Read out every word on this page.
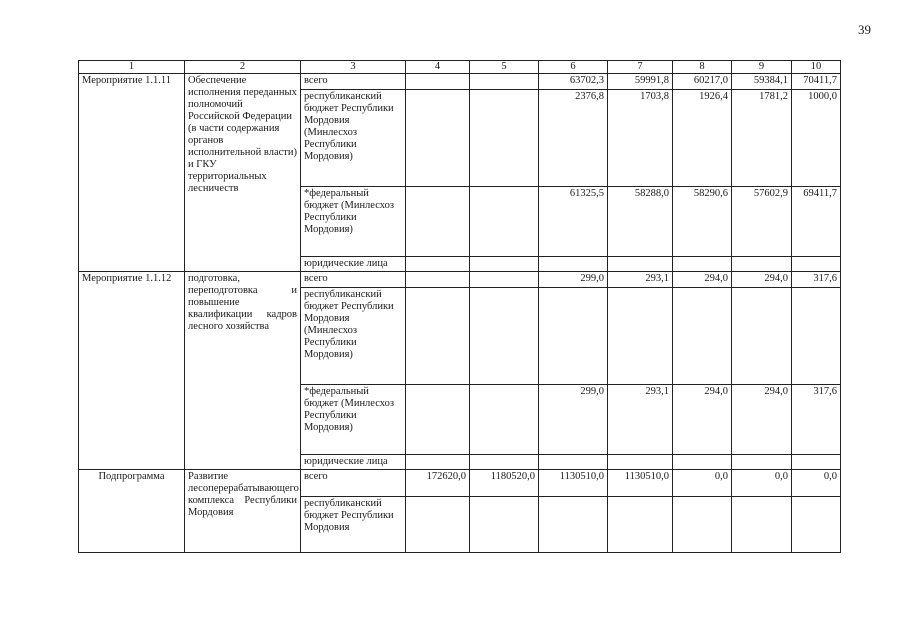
39
1	2	3	4	5	6	7	8	9	10
Мероприятие 1.1.11	Обеспечение исполнения переданных полномочий Российской Федерации (в части содержания органов исполнительной власти) и ГКУ территориальных лесничеств	всего			63702,3	59991,8	60217,0	59384,1	70411,7
		республиканский бюджет Республики Мордовия (Минлесхоз Республики Мордовия)			2376,8	1703,8	1926,4	1781,2	1000,0
		*федеральный бюджет (Минлесхоз Республики Мордовия)			61325,5	58288,0	58290,6	57602,9	69411,7
		юридические лица							
Мероприятие 1.1.12	подготовка, переподготовка и повышение квалификации кадров лесного хозяйства	всего			299,0	293,1	294,0	294,0	317,6
		республиканский бюджет Республики Мордовия (Минлесхоз Республики Мордовия)							
		*федеральный бюджет (Минлесхоз Республики Мордовия)			299,0	293,1	294,0	294,0	317,6
		юридические лица							
Подпрограмма	Развитие лесоперерабатывающего комплекса Республики Мордовия	всего	172620,0	1180520,0	1130510,0	1130510,0	0,0	0,0	0,0
		республиканский бюджет Республики Мордовия							
